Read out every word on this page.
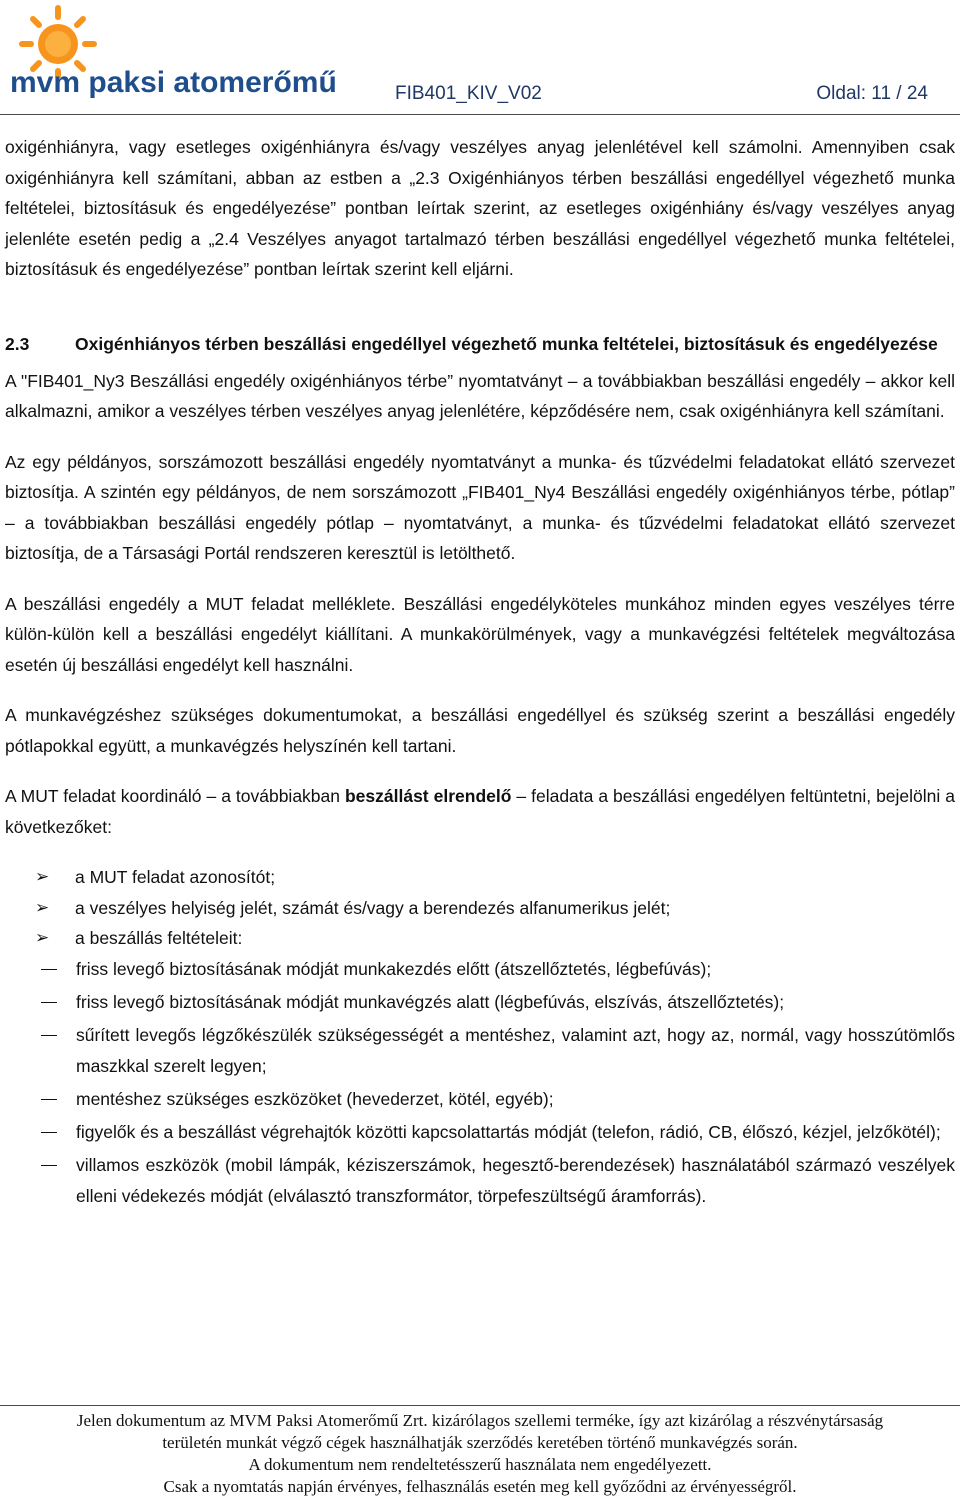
mvm paksi atomerőmű	FIB401_KIV_V02	Oldal: 11 / 24

oxigénhiányra, vagy esetleges oxigénhiányra és/vagy veszélyes anyag jelenlétével kell számolni. Amennyiben csak oxigénhiányra kell számítani, abban az estben a „2.3 Oxigénhiányos térben beszállási engedéllyel végezhető munka feltételei, biztosításuk és engedélyezése” pontban leírtak szerint, az esetleges oxigénhiány és/vagy veszélyes anyag jelenléte esetén pedig a „2.4 Veszélyes anyagot tartalmazó térben beszállási engedéllyel végezhető munka feltételei, biztosításuk és engedélyezése” pontban leírtak szerint kell eljárni.

2.3	Oxigénhiányos térben beszállási engedéllyel végezhető munka feltételei, biztosításuk és engedélyezése

A "FIB401_Ny3 Beszállási engedély oxigénhiányos térbe” nyomtatványt – a továbbiakban beszállási engedély – akkor kell alkalmazni, amikor a veszélyes térben veszélyes anyag jelenlétére, képződésére nem, csak oxigénhiányra kell számítani.

Az egy példányos, sorszámozott beszállási engedély nyomtatványt a munka- és tűzvédelmi feladatokat ellátó szervezet biztosítja. A szintén egy példányos, de nem sorszámozott „FIB401_Ny4 Beszállási engedély oxigénhiányos térbe, pótlap” – a továbbiakban beszállási engedély pótlap – nyomtatványt, a munka- és tűzvédelmi feladatokat ellátó szervezet biztosítja, de a Társasági Portál rendszeren keresztül is letölthető.

A beszállási engedély a MUT feladat melléklete. Beszállási engedélyköteles munkához minden egyes veszélyes térre külön-külön kell a beszállási engedélyt kiállítani. A munkakörülmények, vagy a munkavégzési feltételek megváltozása esetén új beszállási engedélyt kell használni.

A munkavégzéshez szükséges dokumentumokat, a beszállási engedéllyel és szükség szerint a beszállási engedély pótlapokkal együtt, a munkavégzés helyszínén kell tartani.

A MUT feladat koordináló – a továbbiakban beszállást elrendelő – feladata a beszállási engedélyen feltüntetni, bejelölni a következőket:

➢ a MUT feladat azonosítót;
➢ a veszélyes helyiség jelét, számát és/vagy a berendezés alfanumerikus jelét;
➢ a beszállás feltételeit:
friss levegő biztosításának módját munkakezdés előtt (átszellőztetés, légbefúvás);
friss levegő biztosításának módját munkavégzés alatt (légbefúvás, elszívás, átszellőztetés);
sűrített levegős légzőkészülék szükségességét a mentéshez, valamint azt, hogy az, normál, vagy hosszútömlős maszkkal szerelt legyen;
mentéshez szükséges eszközöket (hevederzet, kötél, egyéb);
figyelők és a beszállást végrehajtók közötti kapcsolattartás módját (telefon, rádió, CB, élőszó, kézjel, jelzőkötél);
villamos eszközök (mobil lámpák, kéziszerszámok, hegesztő-berendezések) használatából származó veszélyek elleni védekezés módját (elválasztó transzformátor, törpefeszültségű áramforrás).
Jelen dokumentum az MVM Paksi Atomerőmű Zrt. kizárólagos szellemi terméke, így azt kizárólag a részvénytársaság
területén munkát végző cégek használhatják szerződés keretében történő munkavégzés során.
A dokumentum nem rendeltetésszerű használata nem engedélyezett.
Csak a nyomtatás napján érvényes, felhasználás esetén meg kell győződni az érvényességről.
